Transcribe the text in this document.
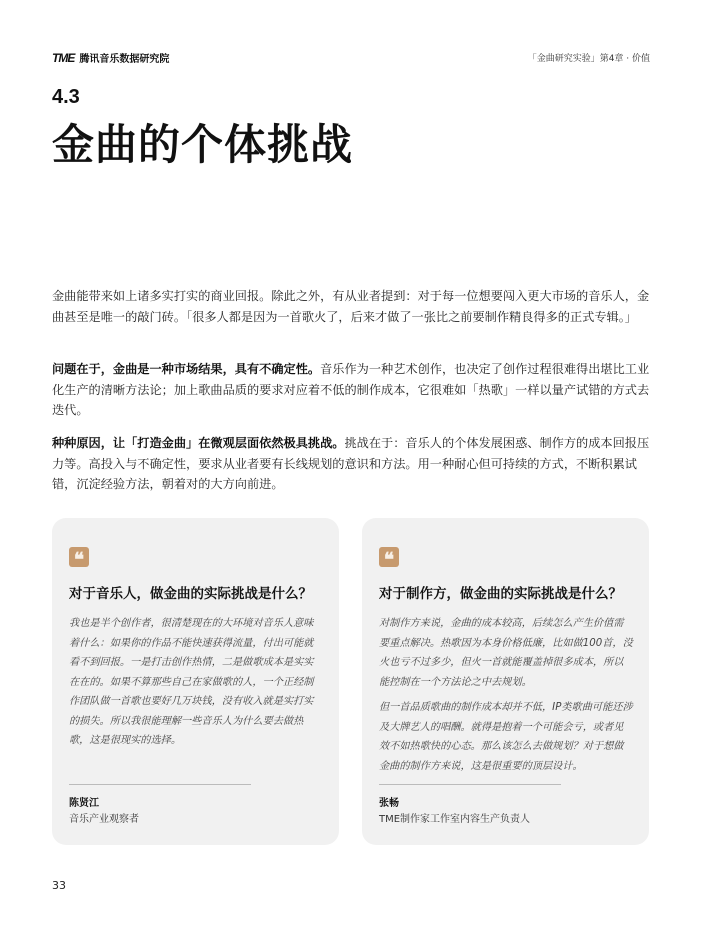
TME 腾讯音乐数据研究院	「金曲研究实验」第4章 · 价值
4.3
金曲的个体挑战
金曲能带来如上诸多实打实的商业回报。除此之外，有从业者提到：对于每一位想要闯入更大市场的音乐人，金曲甚至是唯一的敲门砖。「很多人都是因为一首歌火了，后来才做了一张比之前要制作精良得多的正式专辑。」
问题在于，金曲是一种市场结果，具有不确定性。音乐作为一种艺术创作，也决定了创作过程很难得出堪比工业化生产的清晰方法论；加上歌曲品质的要求对应着不低的制作成本，它很难如「热歌」一样以量产试错的方式去迭代。
种种原因，让「打造金曲」在微观层面依然极具挑战。挑战在于：音乐人的个体发展困惑、制作方的成本回报压力等。高投入与不确定性，要求从业者要有长线规划的意识和方法。用一种耐心但可持续的方式，不断积累试错，沉淀经验方法，朝着对的大方向前进。
❝
对于音乐人，做金曲的实际挑战是什么？
我也是半个创作者，很清楚现在的大环境对音乐人意味着什么：如果你的作品不能快速获得流量，付出可能就看不到回报。一是打击创作热情，二是做歌成本是实实在在的。如果不算那些自己在家做歌的人，一个正经制作团队做一首歌也要好几万块钱，没有收入就是实打实的损失。所以我很能理解一些音乐人为什么要去做热歌，这是很现实的选择。
陈贤江
音乐产业观察者
❝
对于制作方，做金曲的实际挑战是什么？
对制作方来说，金曲的成本较高，后续怎么产生价值需要重点解决。热歌因为本身价格低廉，比如做100首，没火也亏不过多少，但火一首就能覆盖掉很多成本，所以能控制在一个方法论之中去规划。
但一首品质歌曲的制作成本却并不低，IP类歌曲可能还涉及大牌艺人的唱酬。就得是抱着一个可能会亏，或者见效不如热歌快的心态。那么该怎么去做规划？对于想做金曲的制作方来说，这是很重要的顶层设计。
张畅
TME制作家工作室内容生产负责人
33
